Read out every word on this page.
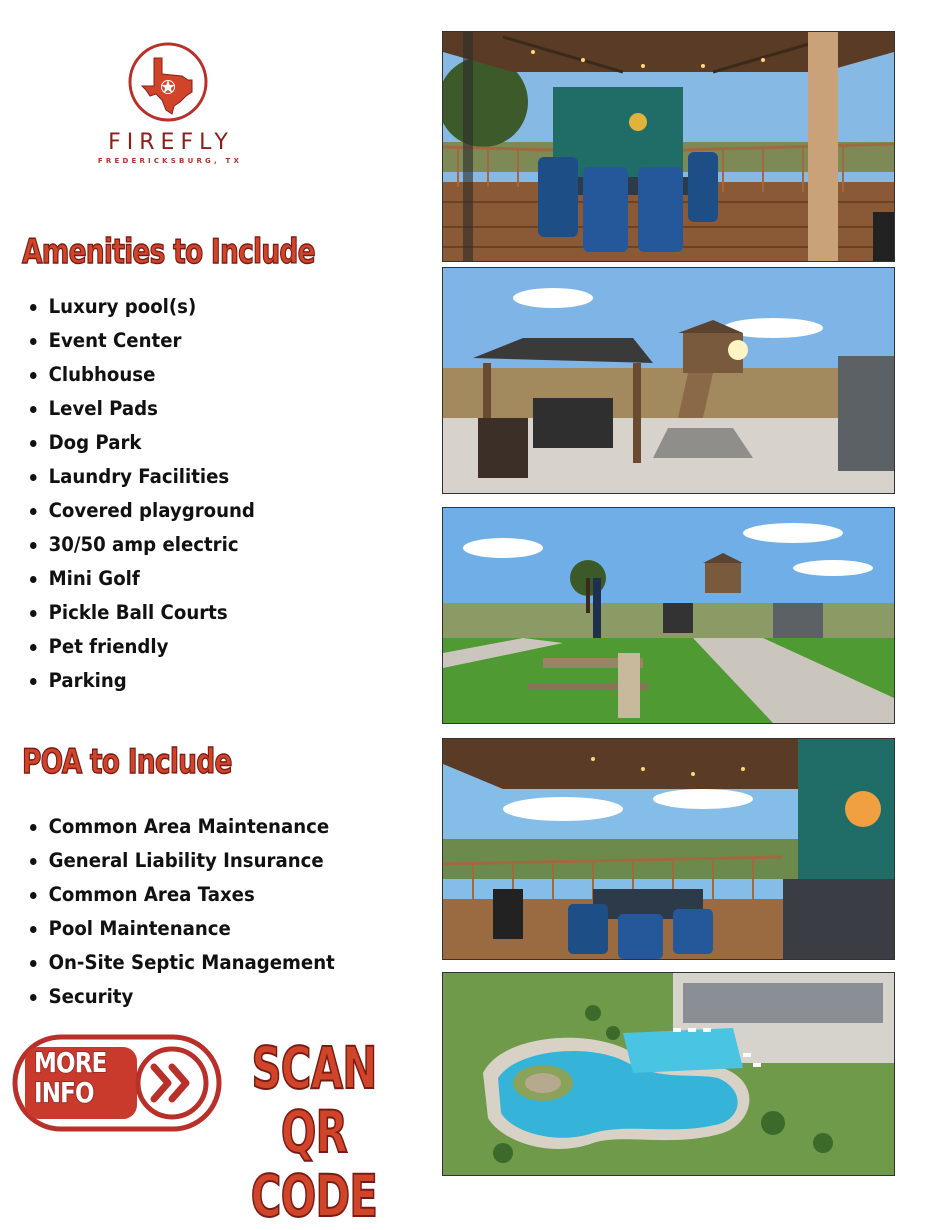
FIREFLY
FREDERICKSBURG, TX
Amenities to Include
Luxury pool(s)
Event Center
Clubhouse
Level Pads
Dog Park
Laundry Facilities
Covered playground
30/50 amp electric
Mini Golf
Pickle Ball Courts
Pet friendly
Parking
POA to Include
Common Area Maintenance
General Liability Insurance
Common Area Taxes
Pool Maintenance
On-Site Septic Management
Security
MORE
INFO	SCAN
QR CODE
